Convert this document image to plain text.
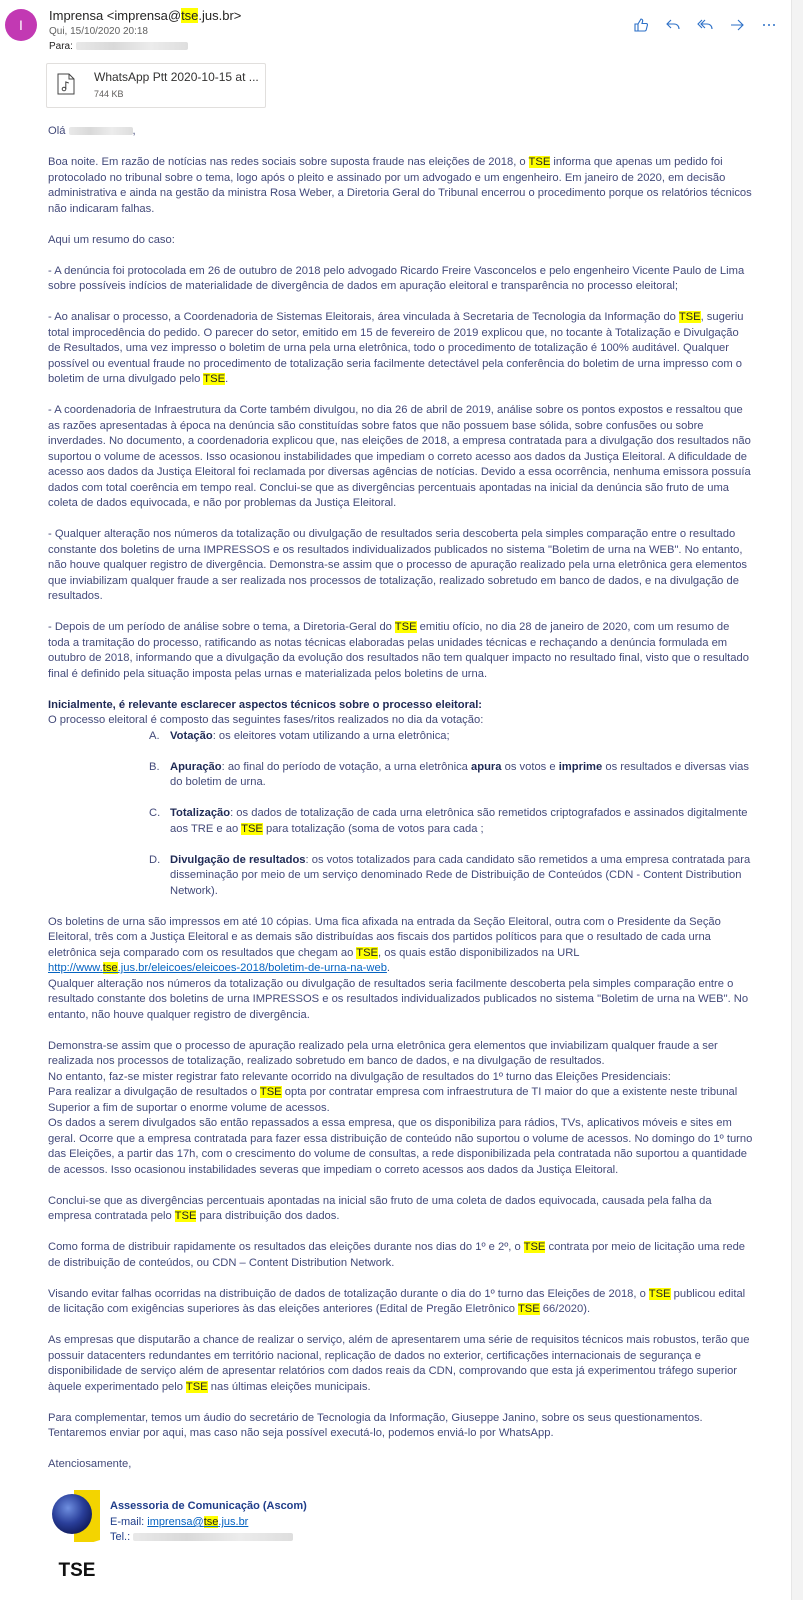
I
Imprensa <imprensa@tse.jus.br>
Qui, 15/10/2020 20:18
Para:
WhatsApp Ptt 2020-10-15 at ...
744 KB

Olá	,

Boa noite. Em razão de notícias nas redes sociais sobre suposta fraude nas eleições de 2018, o TSE informa que apenas um pedido foi protocolado no tribunal sobre o tema, logo após o pleito e assinado por um advogado e um engenheiro. Em janeiro de 2020, em decisão administrativa e ainda na gestão da ministra Rosa Weber, a Diretoria Geral do Tribunal encerrou o procedimento porque os relatórios técnicos não indicaram falhas.

Aqui um resumo do caso:

- A denúncia foi protocolada em 26 de outubro de 2018 pelo advogado Ricardo Freire Vasconcelos e pelo engenheiro Vicente Paulo de Lima sobre possíveis indícios de materialidade de divergência de dados em apuração eleitoral e transparência no processo eleitoral;

- Ao analisar o processo, a Coordenadoria de Sistemas Eleitorais, área vinculada à Secretaria de Tecnologia da Informação do TSE, sugeriu total improcedência do pedido. O parecer do setor, emitido em 15 de fevereiro de 2019 explicou que, no tocante à Totalização e Divulgação de Resultados, uma vez impresso o boletim de urna pela urna eletrônica, todo o procedimento de totalização é 100% auditável. Qualquer possível ou eventual fraude no procedimento de totalização seria facilmente detectável pela conferência do boletim de urna impresso com o boletim de urna divulgado pelo TSE.

- A coordenadoria de Infraestrutura da Corte também divulgou, no dia 26 de abril de 2019, análise sobre os pontos expostos e ressaltou que as razões apresentadas à época na denúncia são constituídas sobre fatos que não possuem base sólida, sobre confusões ou sobre inverdades. No documento, a coordenadoria explicou que, nas eleições de 2018, a empresa contratada para a divulgação dos resultados não suportou o volume de acessos. Isso ocasionou instabilidades que impediam o correto acesso aos dados da Justiça Eleitoral. A dificuldade de acesso aos dados da Justiça Eleitoral foi reclamada por diversas agências de notícias. Devido a essa ocorrência, nenhuma emissora possuía dados com total coerência em tempo real. Conclui-se que as divergências percentuais apontadas na inicial da denúncia são fruto de uma coleta de dados equivocada, e não por problemas da Justiça Eleitoral.

- Qualquer alteração nos números da totalização ou divulgação de resultados seria descoberta pela simples comparação entre o resultado constante dos boletins de urna IMPRESSOS e os resultados individualizados publicados no sistema "Boletim de urna na WEB". No entanto, não houve qualquer registro de divergência. Demonstra-se assim que o processo de apuração realizado pela urna eletrônica gera elementos que inviabilizam qualquer fraude a ser realizada nos processos de totalização, realizado sobretudo em banco de dados, e na divulgação de resultados.

- Depois de um período de análise sobre o tema, a Diretoria-Geral do TSE emitiu ofício, no dia 28 de janeiro de 2020, com um resumo de toda a tramitação do processo, ratificando as notas técnicas elaboradas pelas unidades técnicas e rechaçando a denúncia formulada em outubro de 2018, informando que a divulgação da evolução dos resultados não tem qualquer impacto no resultado final, visto que o resultado final é definido pela situação imposta pelas urnas e materializada pelos boletins de urna.

Inicialmente, é relevante esclarecer aspectos técnicos sobre o processo eleitoral:
O processo eleitoral é composto das seguintes fases/ritos realizados no dia da votação:
A. Votação: os eleitores votam utilizando a urna eletrônica;
B. Apuração: ao final do período de votação, a urna eletrônica apura os votos e imprime os resultados e diversas vias do boletim de urna.
C. Totalização: os dados de totalização de cada urna eletrônica são remetidos criptografados e assinados digitalmente aos TRE e ao TSE para totalização (soma de votos para cada ;
D. Divulgação de resultados: os votos totalizados para cada candidato são remetidos a uma empresa contratada para disseminação por meio de um serviço denominado Rede de Distribuição de Conteúdos (CDN - Content Distribution Network).

Os boletins de urna são impressos em até 10 cópias. Uma fica afixada na entrada da Seção Eleitoral, outra com o Presidente da Seção Eleitoral, três com a Justiça Eleitoral e as demais são distribuídas aos fiscais dos partidos políticos para que o resultado de cada urna eletrônica seja comparado com os resultados que chegam ao TSE, os quais estão disponibilizados na URL http://www.tse.jus.br/eleicoes/eleicoes-2018/boletim-de-urna-na-web.
Qualquer alteração nos números da totalização ou divulgação de resultados seria facilmente descoberta pela simples comparação entre o resultado constante dos boletins de urna IMPRESSOS e os resultados individualizados publicados no sistema "Boletim de urna na WEB". No entanto, não houve qualquer registro de divergência.

Demonstra-se assim que o processo de apuração realizado pela urna eletrônica gera elementos que inviabilizam qualquer fraude a ser realizada nos processos de totalização, realizado sobretudo em banco de dados, e na divulgação de resultados.
No entanto, faz-se mister registrar fato relevante ocorrido na divulgação de resultados do 1º turno das Eleições Presidenciais:
Para realizar a divulgação de resultados o TSE opta por contratar empresa com infraestrutura de TI maior do que a existente neste tribunal Superior a fim de suportar o enorme volume de acessos.
Os dados a serem divulgados são então repassados a essa empresa, que os disponibiliza para rádios, TVs, aplicativos móveis e sites em geral. Ocorre que a empresa contratada para fazer essa distribuição de conteúdo não suportou o volume de acessos. No domingo do 1º turno das Eleições, a partir das 17h, com o crescimento do volume de consultas, a rede disponibilizada pela contratada não suportou a quantidade de acessos. Isso ocasionou instabilidades severas que impediam o correto acessos aos dados da Justiça Eleitoral.

Conclui-se que as divergências percentuais apontadas na inicial são fruto de uma coleta de dados equivocada, causada pela falha da empresa contratada pelo TSE para distribuição dos dados.

Como forma de distribuir rapidamente os resultados das eleições durante nos dias do 1º e 2º, o TSE contrata por meio de licitação uma rede de distribuição de conteúdos, ou CDN – Content Distribution Network.

Visando evitar falhas ocorridas na distribuição de dados de totalização durante o dia do 1º turno das Eleições de 2018, o TSE publicou edital de licitação com exigências superiores às das eleições anteriores (Edital de Pregão Eletrônico TSE 66/2020).

As empresas que disputarão a chance de realizar o serviço, além de apresentarem uma série de requisitos técnicos mais robustos, terão que possuir datacenters redundantes em território nacional, replicação de dados no exterior, certificações internacionais de segurança e disponibilidade de serviço além de apresentar relatórios com dados reais da CDN, comprovando que esta já experimentou tráfego superior àquele experimentado pelo TSE nas últimas eleições municipais.

Para complementar, temos um áudio do secretário de Tecnologia da Informação, Giuseppe Janino, sobre os seus questionamentos.
Tentaremos enviar por aqui, mas caso não seja possível executá-lo, podemos enviá-lo por WhatsApp.

Atenciosamente,

TSE
Assessoria de Comunicação (Ascom)
E-mail: imprensa@tse.jus.br
Tel.:
